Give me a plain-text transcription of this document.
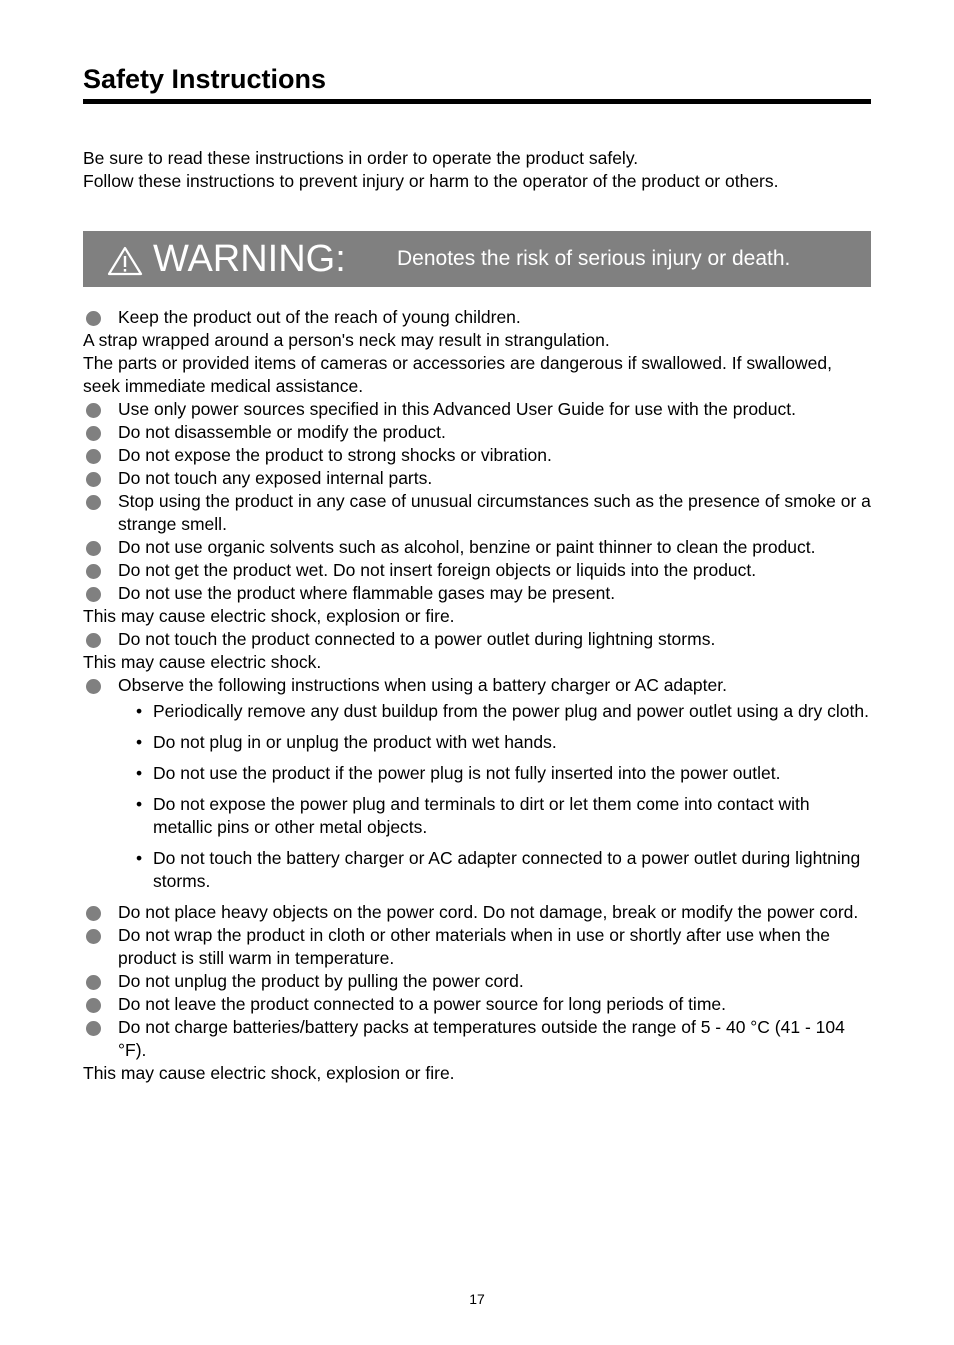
Safety Instructions
Be sure to read these instructions in order to operate the product safely.
Follow these instructions to prevent injury or harm to the operator of the product or others.
WARNING: Denotes the risk of serious injury or death.
Keep the product out of the reach of young children.
A strap wrapped around a person's neck may result in strangulation.
The parts or provided items of cameras or accessories are dangerous if swallowed. If swallowed, seek immediate medical assistance.
Use only power sources specified in this Advanced User Guide for use with the product.
Do not disassemble or modify the product.
Do not expose the product to strong shocks or vibration.
Do not touch any exposed internal parts.
Stop using the product in any case of unusual circumstances such as the presence of smoke or a strange smell.
Do not use organic solvents such as alcohol, benzine or paint thinner to clean the product.
Do not get the product wet. Do not insert foreign objects or liquids into the product.
Do not use the product where flammable gases may be present.
This may cause electric shock, explosion or fire.
Do not touch the product connected to a power outlet during lightning storms.
This may cause electric shock.
Observe the following instructions when using a battery charger or AC adapter.
• Periodically remove any dust buildup from the power plug and power outlet using a dry cloth.
• Do not plug in or unplug the product with wet hands.
• Do not use the product if the power plug is not fully inserted into the power outlet.
• Do not expose the power plug and terminals to dirt or let them come into contact with metallic pins or other metal objects.
• Do not touch the battery charger or AC adapter connected to a power outlet during lightning storms.
Do not place heavy objects on the power cord. Do not damage, break or modify the power cord.
Do not wrap the product in cloth or other materials when in use or shortly after use when the product is still warm in temperature.
Do not unplug the product by pulling the power cord.
Do not leave the product connected to a power source for long periods of time.
Do not charge batteries/battery packs at temperatures outside the range of 5 - 40 °C (41 - 104 °F).
This may cause electric shock, explosion or fire.
17
